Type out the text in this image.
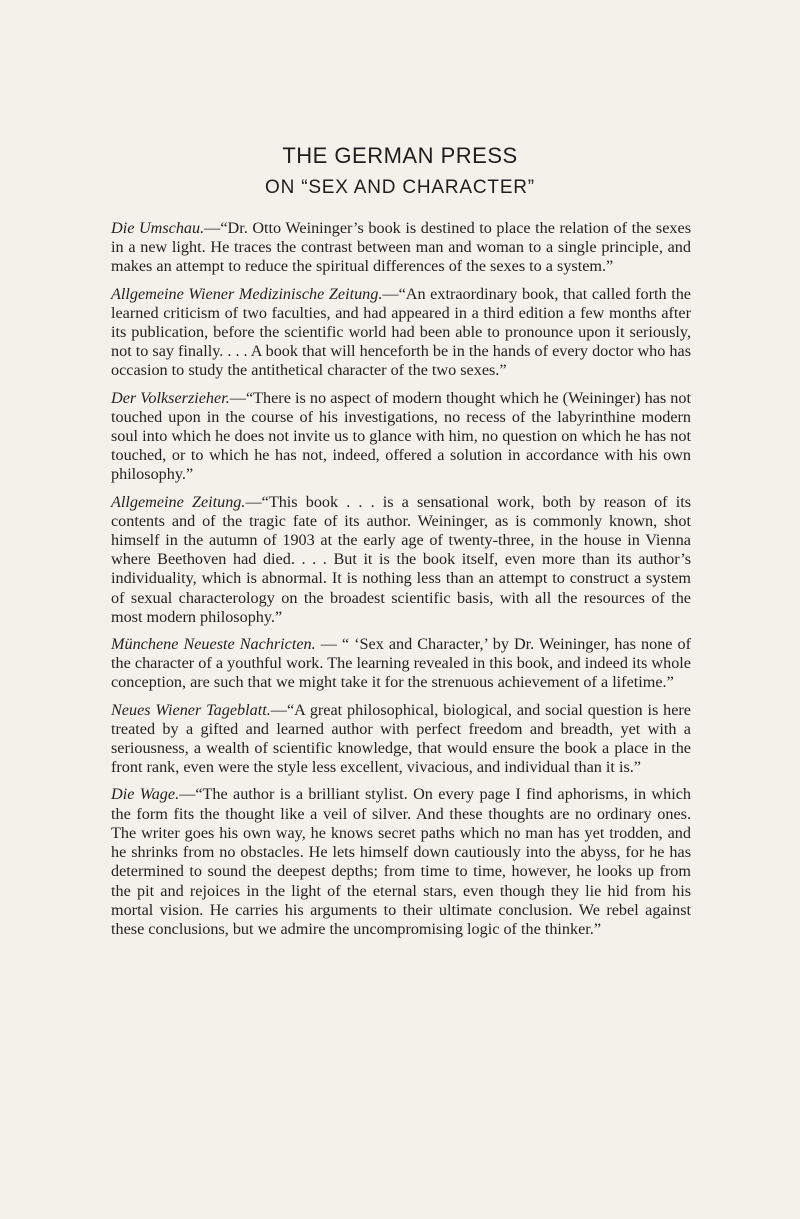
THE GERMAN PRESS
ON “SEX AND CHARACTER”

Die Umschau.—“Dr. Otto Weininger’s book is destined to place the relation of the sexes in a new light. He traces the contrast between man and woman to a single principle, and makes an attempt to reduce the spiritual differences of the sexes to a system.”

Allgemeine Wiener Medizinische Zeitung.—“An extraordinary book, that called forth the learned criticism of two faculties, and had appeared in a third edition a few months after its publication, before the scientific world had been able to pronounce upon it seriously, not to say finally. . . . A book that will henceforth be in the hands of every doctor who has occasion to study the antithetical character of the two sexes.”

Der Volkserzieher.—“There is no aspect of modern thought which he (Weininger) has not touched upon in the course of his investigations, no recess of the labyrinthine modern soul into which he does not invite us to glance with him, no question on which he has not touched, or to which he has not, indeed, offered a solution in accordance with his own philosophy.”

Allgemeine Zeitung.—“This book . . . is a sensational work, both by reason of its contents and of the tragic fate of its author. Weininger, as is commonly known, shot himself in the autumn of 1903 at the early age of twenty-three, in the house in Vienna where Beethoven had died. . . . But it is the book itself, even more than its author’s individuality, which is abnormal. It is nothing less than an attempt to construct a system of sexual characterology on the broadest scientific basis, with all the resources of the most modern philosophy.”

Münchene Neueste Nachricten. — “ ‘Sex and Character,’ by Dr. Weininger, has none of the character of a youthful work. The learning revealed in this book, and indeed its whole conception, are such that we might take it for the strenuous achievement of a lifetime.”

Neues Wiener Tageblatt.—“A great philosophical, biological, and social question is here treated by a gifted and learned author with perfect freedom and breadth, yet with a seriousness, a wealth of scientific knowledge, that would ensure the book a place in the front rank, even were the style less excellent, vivacious, and individual than it is.”

Die Wage.—“The author is a brilliant stylist. On every page I find aphorisms, in which the form fits the thought like a veil of silver. And these thoughts are no ordinary ones. The writer goes his own way, he knows secret paths which no man has yet trodden, and he shrinks from no obstacles. He lets himself down cautiously into the abyss, for he has determined to sound the deepest depths; from time to time, however, he looks up from the pit and rejoices in the light of the eternal stars, even though they lie hid from his mortal vision. He carries his arguments to their ultimate conclusion. We rebel against these conclusions, but we admire the uncompromising logic of the thinker.”
